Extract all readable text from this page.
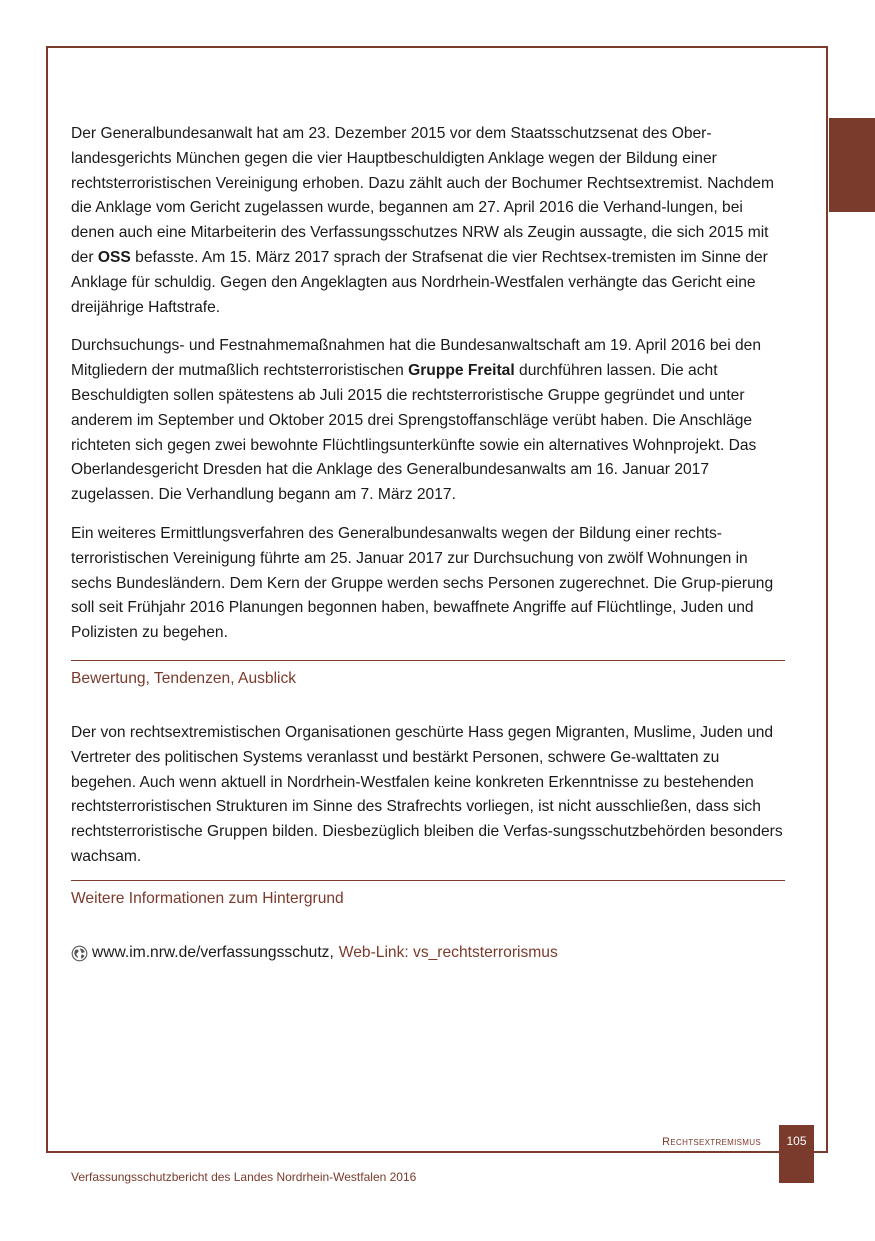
Der Generalbundesanwalt hat am 23. Dezember 2015 vor dem Staatsschutzsenat des Ober-landesgerichts München gegen die vier Hauptbeschuldigten Anklage wegen der Bildung einer rechtsterroristischen Vereinigung erhoben. Dazu zählt auch der Bochumer Rechtsextremist. Nachdem die Anklage vom Gericht zugelassen wurde, begannen am 27. April 2016 die Verhand-lungen, bei denen auch eine Mitarbeiterin des Verfassungsschutzes NRW als Zeugin aussagte, die sich 2015 mit der OSS befasste. Am 15. März 2017 sprach der Strafsenat die vier Rechtsex-tremisten im Sinne der Anklage für schuldig. Gegen den Angeklagten aus Nordrhein-Westfalen verhängte das Gericht eine dreijährige Haftstrafe.

Durchsuchungs- und Festnahmemaßnahmen hat die Bundesanwaltschaft am 19. April 2016 bei den Mitgliedern der mutmaßlich rechtsterroristischen Gruppe Freital durchführen lassen. Die acht Beschuldigten sollen spätestens ab Juli 2015 die rechtsterroristische Gruppe gegründet und unter anderem im September und Oktober 2015 drei Sprengstoffanschläge verübt haben. Die Anschläge richteten sich gegen zwei bewohnte Flüchtlingsunterkünfte sowie ein alternatives Wohnprojekt. Das Oberlandesgericht Dresden hat die Anklage des Generalbundesanwalts am 16. Januar 2017 zugelassen. Die Verhandlung begann am 7. März 2017.

Ein weiteres Ermittlungsverfahren des Generalbundesanwalts wegen der Bildung einer rechts-terroristischen Vereinigung führte am 25. Januar 2017 zur Durchsuchung von zwölf Wohnungen in sechs Bundesländern. Dem Kern der Gruppe werden sechs Personen zugerechnet. Die Grup-pierung soll seit Frühjahr 2016 Planungen begonnen haben, bewaffnete Angriffe auf Flüchtlinge, Juden und Polizisten zu begehen.

Bewertung, Tendenzen, Ausblick

Der von rechtsextremistischen Organisationen geschürte Hass gegen Migranten, Muslime, Juden und Vertreter des politischen Systems veranlasst und bestärkt Personen, schwere Ge-walttaten zu begehen. Auch wenn aktuell in Nordrhein-Westfalen keine konkreten Erkenntnisse zu bestehenden rechtsterroristischen Strukturen im Sinne des Strafrechts vorliegen, ist nicht ausschließen, dass sich rechtsterroristische Gruppen bilden. Diesbezüglich bleiben die Verfas-sungsschutzbehörden besonders wachsam.

Weitere Informationen zum Hintergrund
www.im.nrw.de/verfassungsschutz, Web-Link: vs_rechtsterrorismus
Rechtsextremismus	105
Verfassungsschutzbericht des Landes Nordrhein-Westfalen 2016
